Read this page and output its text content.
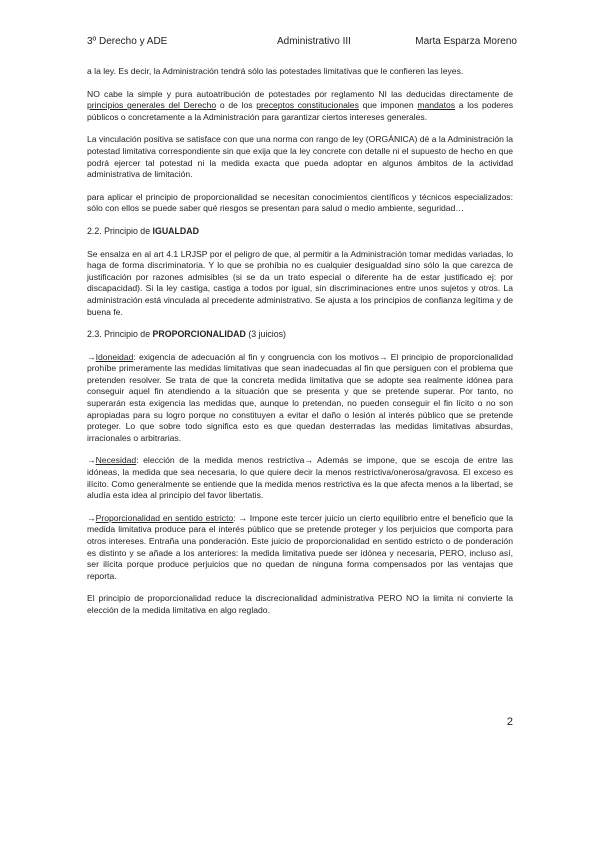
3º Derecho y ADE	Administrativo III	Marta Esparza Moreno

a la ley. Es decir, la Administración tendrá sólo las potestades limitativas que le confieren las leyes.

NO cabe la simple y pura autoatribución de potestades por reglamento NI las deducidas directamente de principios generales del Derecho o de los preceptos constitucionales que imponen mandatos a los poderes públicos o concretamente a la Administración para garantizar ciertos intereses generales.

La vinculación positiva se satisface con que una norma con rango de ley (ORGÁNICA) dé a la Administración la potestad limitativa correspondiente sin que exija que la ley concrete con detalle ni el supuesto de hecho en que podrá ejercer tal potestad ni la medida exacta que pueda adoptar en algunos ámbitos de la actividad administrativa de limitación.

para aplicar el principio de proporcionalidad se necesitan conocimientos científicos y técnicos especializados: sólo con ellos se puede saber qué riesgos se presentan para salud o medio ambiente, seguridad…

2.2. Principio de IGUALDAD

Se ensalza en al art 4.1 LRJSP por el peligro de que, al permitir a la Administración tomar medidas variadas, lo haga de forma discriminatoria. Y lo que se prohíbia no es cualquier desigualdad sino sólo la que carezca de justificación por razones admisibles (si se da un trato especial o diferente ha de estar justificado ej: por discapacidad). Si la ley castiga, castiga a todos por igual, sin discriminaciones entre unos sujetos y otros. La administración está vinculada al precedente administrativo. Se ajusta a los principios de confianza legítima y de buena fe.

2.3. Principio de PROPORCIONALIDAD (3 juicios)

→Idoneidad: exigencia de adecuación al fin y congruencia con los motivos→ El principio de proporcionalidad prohíbe primeramente las medidas limitativas que sean inadecuadas al fin que persiguen con el problema que pretenden resolver. Se trata de que la concreta medida limitativa que se adopte sea realmente idónea para conseguir aquel fin atendiendo a la situación que se presenta y que se pretende superar. Por tanto, no superarán esta exigencia las medidas que, aunque lo pretendan, no pueden conseguir el fin lícito o no son apropiadas para su logro porque no constituyen a evitar el daño o lesión al interés público que se pretende proteger. Lo que sobre todo significa esto es que quedan desterradas las medidas limitativas absurdas, irracionales o arbitrarias.

→Necesidad: elección de la medida menos restrictiva→ Además se impone, que se escoja de entre las idóneas, la medida que sea necesaria, lo que quiere decir la menos restrictiva/onerosa/gravosa. El exceso es ilícito. Como generalmente se entiende que la medida menos restrictiva es la que afecta menos a la libertad, se aludía esta idea al principio del favor libertatis.

→Proporcionalidad en sentido estricto: → Impone este tercer juicio un cierto equilibrio entre el beneficio que la medida limitativa produce para el interés público que se pretende proteger y los perjuicios que comporta para otros intereses. Entraña una ponderación. Este juicio de proporcionalidad en sentido estricto o de ponderación es distinto y se añade a los anteriores: la medida limitativa puede ser idónea y necesaria, PERO, incluso así, ser ilícita porque produce perjuicios que no quedan de ninguna forma compensados por las ventajas que reporta.

El principio de proporcionalidad reduce la discrecionalidad administrativa PERO NO la limita ni convierte la elección de la medida limitativa en algo reglado.

2
